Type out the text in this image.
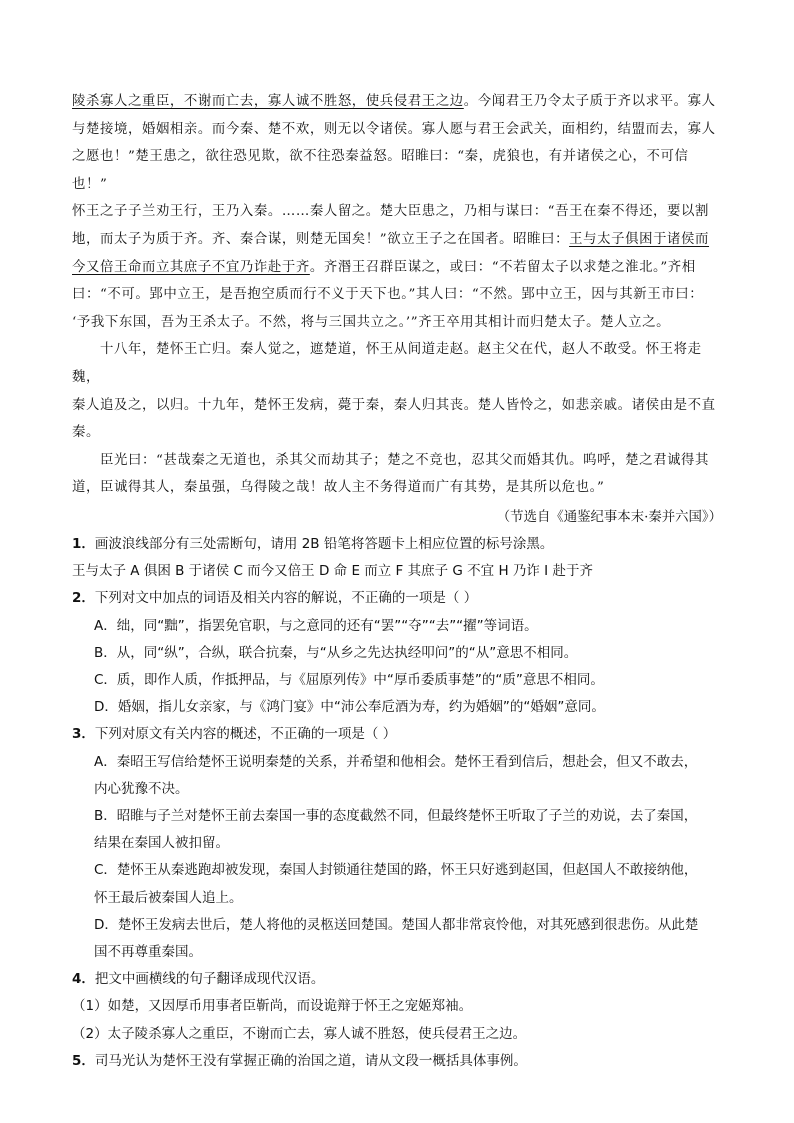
陵杀寡人之重臣，不谢而亡去，寡人诚不胜怒，使兵侵君王之边。今闻君王乃令太子质于齐以求平。寡人

与楚接境，婚姻相亲。而今秦、楚不欢，则无以令诸侯。寡人愿与君王会武关，面相约，结盟而去，寡人

之愿也！”楚王患之，欲往恐见欺，欲不往恐秦益怒。昭睢曰：“秦，虎狼也，有并诸侯之心，不可信也！”

怀王之子子兰劝王行，王乃入秦。……秦人留之。楚大臣患之，乃相与谋曰：“吾王在秦不得还，要以割

地，而太子为质于齐。齐、秦合谋，则楚无国矣！”欲立王子之在国者。昭睢曰：王与太子俱困于诸侯而

今又倍王命而立其庶子不宜乃诈赴于齐。齐湣王召群臣谋之，或曰：“不若留太子以求楚之淮北。”齐相

曰：“不可。郢中立王，是吾抱空质而行不义于天下也。”其人曰：“不然。郢中立王，因与其新王市曰：

‘予我下东国，吾为王杀太子。不然，将与三国共立之。’”齐王卒用其相计而归楚太子。楚人立之。

十八年，楚怀王亡归。秦人觉之，遮楚道，怀王从间道走赵。赵主父在代，赵人不敢受。怀王将走魏，

秦人追及之，以归。十九年，楚怀王发病，薨于秦，秦人归其丧。楚人皆怜之，如悲亲戚。诸侯由是不直

秦。

臣光曰：“甚哉秦之无道也，杀其父而劫其子；楚之不竞也，忍其父而婚其仇。呜呼，楚之君诚得其

道，臣诚得其人，秦虽强，乌得陵之哉！故人主不务得道而广有其势，是其所以危也。”

（节选自《通鉴纪事本末·秦并六国》）

1．画波浪线部分有三处需断句，请用 2B 铅笔将答题卡上相应位置的标号涂黑。

王与太子 A 俱困 B 于诸侯 C 而今又倍王 D 命 E 而立 F 其庶子 G 不宜 H 乃诈 I 赴于齐

2．下列对文中加点的词语及相关内容的解说，不正确的一项是（ ）

A．绌，同“黜”，指罢免官职，与之意同的还有“罢”“夺”“去”“擢”等词语。

B．从，同“纵”，合纵，联合抗秦，与“从乡之先达执经叩问”的“从”意思不相同。

C．质，即作人质，作抵押品，与《屈原列传》中“厚币委质事楚”的“质”意思不相同。

D．婚姻，指儿女亲家，与《鸿门宴》中“沛公奉卮酒为寿，约为婚姻”的“婚姻”意同。

3．下列对原文有关内容的概述，不正确的一项是（ ）

A．秦昭王写信给楚怀王说明秦楚的关系，并希望和他相会。楚怀王看到信后，想赴会，但又不敢去，

内心犹豫不决。

B．昭睢与子兰对楚怀王前去秦国一事的态度截然不同，但最终楚怀王听取了子兰的劝说，去了秦国，

结果在秦国人被扣留。

C．楚怀王从秦逃跑却被发现，秦国人封锁通往楚国的路，怀王只好逃到赵国，但赵国人不敢接纳他，

怀王最后被秦国人追上。

D．楚怀王发病去世后，楚人将他的灵柩送回楚国。楚国人都非常哀怜他，对其死感到很悲伤。从此楚

国不再尊重秦国。

4．把文中画横线的句子翻译成现代汉语。

（1）如楚，又因厚币用事者臣靳尚，而设诡辩于怀王之宠姬郑袖。

（2）太子陵杀寡人之重臣，不谢而亡去，寡人诚不胜怒，使兵侵君王之边。

5．司马光认为楚怀王没有掌握正确的治国之道，请从文段一概括具体事例。
